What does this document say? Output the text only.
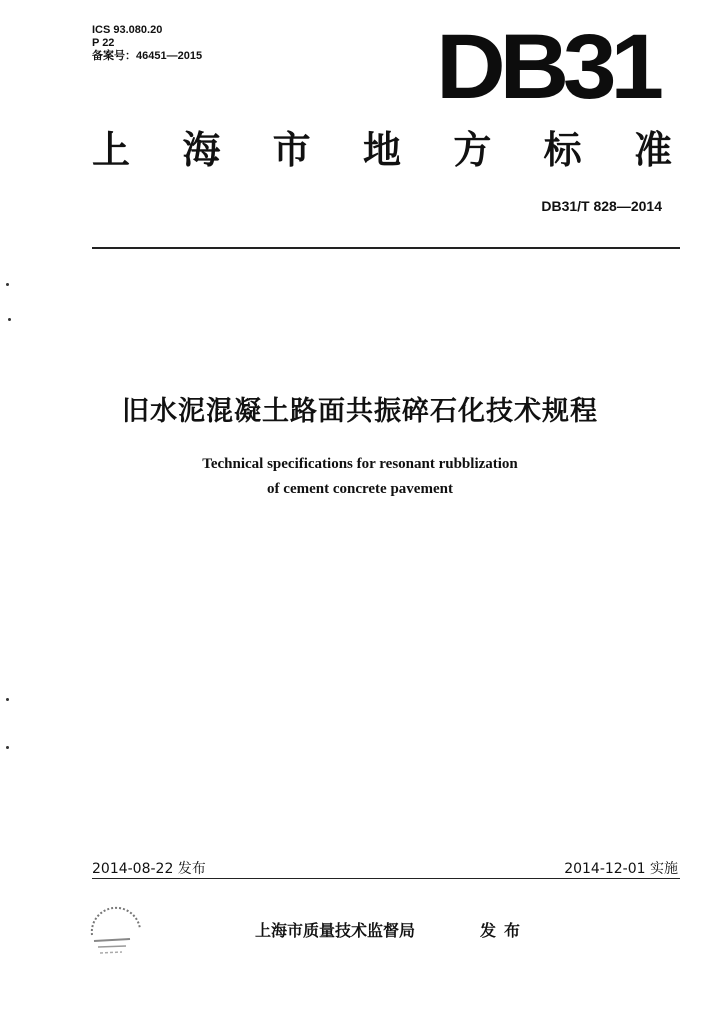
ICS 93.080.20
P 22
备案号：46451—2015	DB31
上 海 市 地 方 标 准
DB31/T 828—2014
旧水泥混凝土路面共振碎石化技术规程
Technical specifications for resonant rubblization
of cement concrete pavement
2014-08-22 发布	2014-12-01 实施
上海市质量技术监督局	发布
